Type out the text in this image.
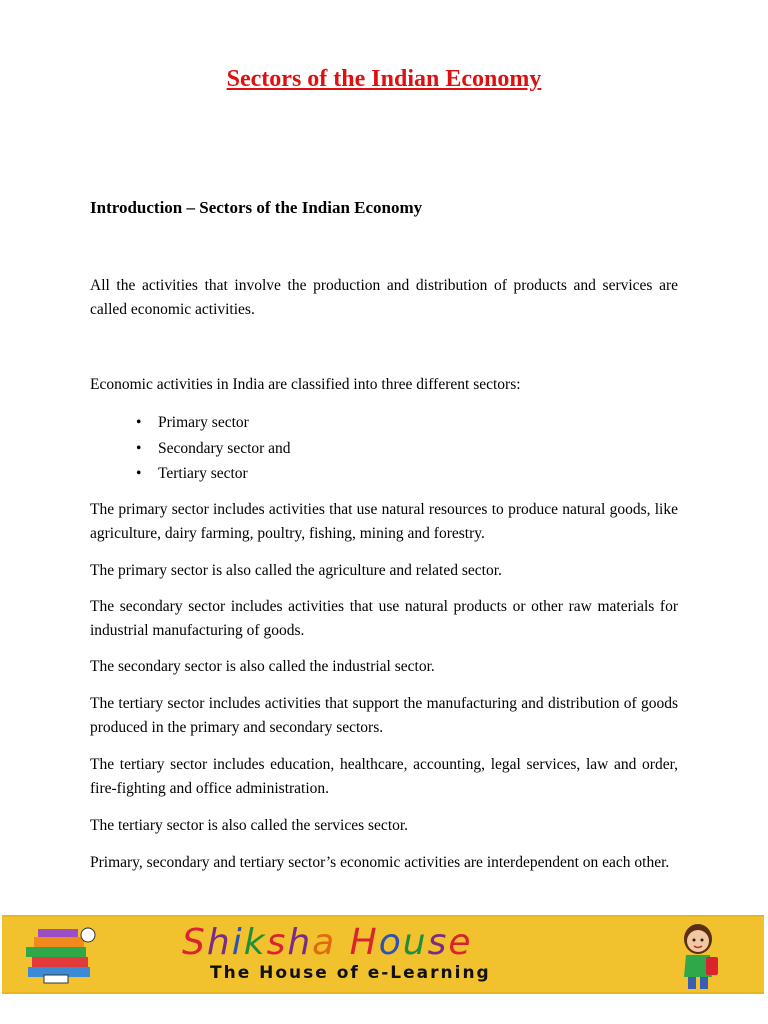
Sectors of the Indian Economy
Introduction – Sectors of the Indian Economy
All the activities that involve the production and distribution of products and services are called economic activities.
Economic activities in India are classified into three different sectors:
• Primary sector
• Secondary sector and
• Tertiary sector
The primary sector includes activities that use natural resources to produce natural goods, like agriculture, dairy farming, poultry, fishing, mining and forestry.
The primary sector is also called the agriculture and related sector.
The secondary sector includes activities that use natural products or other raw materials for industrial manufacturing of goods.
The secondary sector is also called the industrial sector.
The tertiary sector includes activities that support the manufacturing and distribution of goods produced in the primary and secondary sectors.
The tertiary sector includes education, healthcare, accounting, legal services, law and order, fire-fighting and office administration.
The tertiary sector is also called the services sector.
Primary, secondary and tertiary sector’s economic activities are interdependent on each other.
Shiksha House
The House of e-Learning
